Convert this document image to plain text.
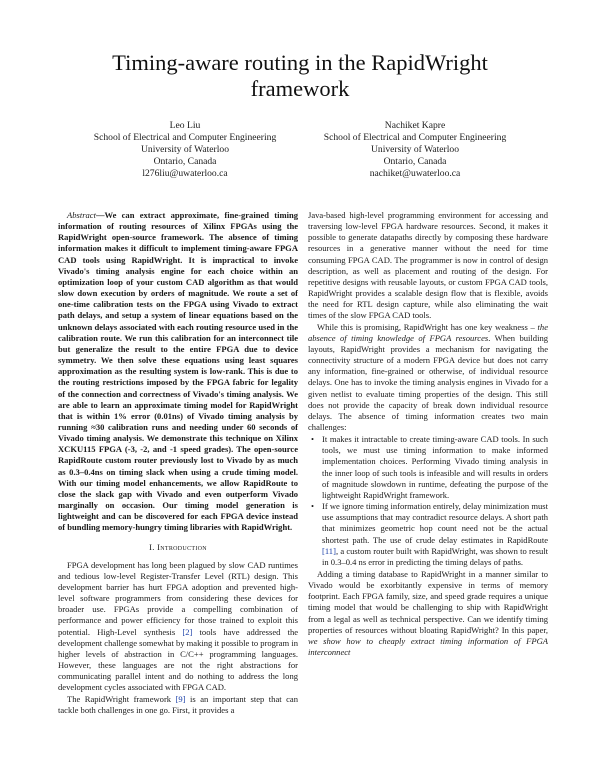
Timing-aware routing in the RapidWright framework
Leo Liu
School of Electrical and Computer Engineering
University of Waterloo
Ontario, Canada
l276liu@uwaterloo.ca
Nachiket Kapre
School of Electrical and Computer Engineering
University of Waterloo
Ontario, Canada
nachiket@uwaterloo.ca

Abstract—We can extract approximate, fine-grained timing information of routing resources of Xilinx FPGAs using the RapidWright open-source framework. The absence of timing information makes it difficult to implement timing-aware FPGA CAD tools using RapidWright. It is impractical to invoke Vivado's timing analysis engine for each choice within an optimization loop of your custom CAD algorithm as that would slow down execution by orders of magnitude. We route a set of one-time calibration tests on the FPGA using Vivado to extract path delays, and setup a system of linear equations based on the unknown delays associated with each routing resource used in the calibration route. We run this calibration for an interconnect tile but generalize the result to the entire FPGA due to device symmetry. We then solve these equations using least squares approximation as the resulting system is low-rank. This is due to the routing restrictions imposed by the FPGA fabric for legality of the connection and correctness of Vivado's timing analysis. We are able to learn an approximate timing model for RapidWright that is within 1% error (0.01ns) of Vivado timing analysis by running ≈30 calibration runs and needing under 60 seconds of Vivado timing analysis. We demonstrate this technique on Xilinx XCKU115 FPGA (-3, -2, and -1 speed grades). The open-source RapidRoute custom router previously lost to Vivado by as much as 0.3–0.4ns on timing slack when using a crude timing model. With our timing model enhancements, we allow RapidRoute to close the slack gap with Vivado and even outperform Vivado marginally on occasion. Our timing model generation is lightweight and can be discovered for each FPGA device instead of bundling memory-hungry timing libraries with RapidWright.

I. Introduction

FPGA development has long been plagued by slow CAD runtimes and tedious low-level Register-Transfer Level (RTL) design. This development barrier has hurt FPGA adoption and prevented high-level software programmers from considering these devices for broader use. FPGAs provide a compelling combination of performance and power efficiency for those trained to exploit this potential. High-Level synthesis [2] tools have addressed the development challenge somewhat by making it possible to program in higher levels of abstraction in C/C++ programming languages. However, these languages are not the right abstractions for communicating parallel intent and do nothing to address the long development cycles associated with FPGA CAD.

The RapidWright framework [9] is an important step that can tackle both challenges in one go. First, it provides a

Java-based high-level programming environment for accessing and traversing low-level FPGA hardware resources. Second, it makes it possible to generate datapaths directly by composing these hardware resources in a generative manner without the need for time consuming FPGA CAD. The programmer is now in control of design description, as well as placement and routing of the design. For repetitive designs with reusable layouts, or custom FPGA CAD tools, RapidWright provides a scalable design flow that is flexible, avoids the need for RTL design capture, while also eliminating the wait times of the slow FPGA CAD tools.

While this is promising, RapidWright has one key weakness – the absence of timing knowledge of FPGA resources. When building layouts, RapidWright provides a mechanism for navigating the connectivity structure of a modern FPGA device but does not carry any information, fine-grained or otherwise, of individual resource delays. One has to invoke the timing analysis engines in Vivado for a given netlist to evaluate timing properties of the design. This still does not provide the capacity of break down individual resource delays. The absence of timing information creates two main challenges:

• It makes it intractable to create timing-aware CAD tools. In such tools, we must use timing information to make informed implementation choices. Performing Vivado timing analysis in the inner loop of such tools is infeasible and will results in orders of magnitude slowdown in runtime, defeating the purpose of the lightweight RapidWright framework.
• If we ignore timing information entirely, delay minimization must use assumptions that may contradict resource delays. A short path that minimizes geometric hop count need not be the actual shortest path. The use of crude delay estimates in RapidRoute [11], a custom router built with RapidWright, was shown to result in 0.3–0.4 ns error in predicting the timing delays of paths.

Adding a timing database to RapidWright in a manner similar to Vivado would be exorbitantly expensive in terms of memory footprint. Each FPGA family, size, and speed grade requires a unique timing model that would be challenging to ship with RapidWright from a legal as well as technical perspective. Can we identify timing properties of resources without bloating RapidWright? In this paper, we show how to cheaply extract timing information of FPGA interconnect
